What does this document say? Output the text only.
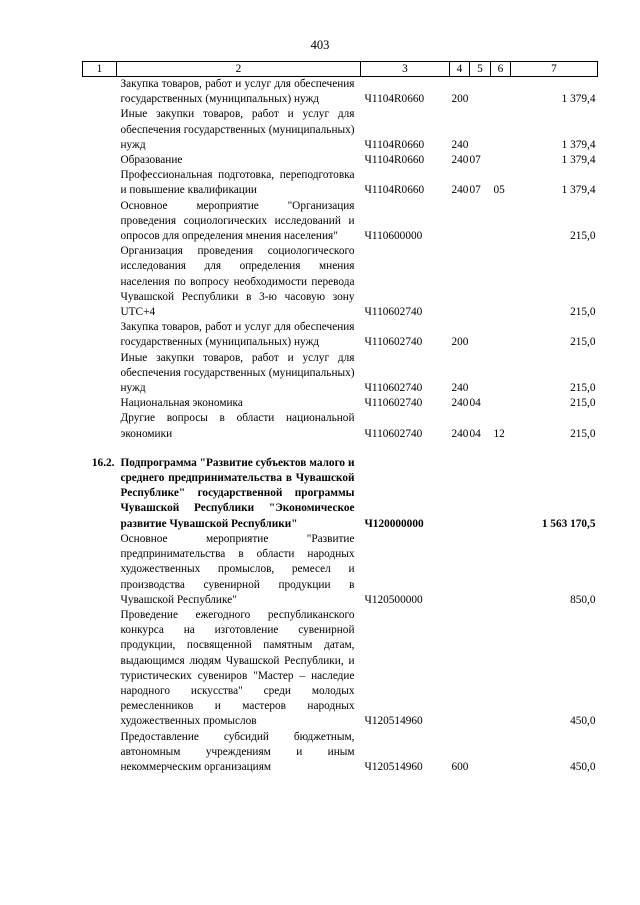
403
1	2	3	4	5	6	7
	Закупка товаров, работ и услуг для обеспечения государственных (муниципальных) нужд	Ч1104R0660	200			1 379,4
	Иные закупки товаров, работ и услуг для обеспечения государственных (муниципальных) нужд	Ч1104R0660	240			1 379,4
	Образование	Ч1104R0660	240	07		1 379,4
	Профессиональная подготовка, переподготовка и повышение квалификации	Ч1104R0660	240	07	05	1 379,4
	Основное мероприятие "Организация проведения социологических исследований и опросов для определения мнения населения"	Ч110600000				215,0
	Организация проведения социологического исследования для определения мнения населения по вопросу необходимости перевода Чувашской Республики в 3-ю часовую зону UTC+4	Ч110602740				215,0
	Закупка товаров, работ и услуг для обеспечения государственных (муниципальных) нужд	Ч110602740	200			215,0
	Иные закупки товаров, работ и услуг для обеспечения государственных (муниципальных) нужд	Ч110602740	240			215,0
	Национальная экономика	Ч110602740	240	04		215,0
	Другие вопросы в области национальной экономики	Ч110602740	240	04	12	215,0

16.2.	Подпрограмма "Развитие субъектов малого и среднего предпринимательства в Чувашской Республике" государственной программы Чувашской Республики "Экономическое развитие Чувашской Республики"	Ч120000000				1 563 170,5
	Основное мероприятие "Развитие предпринимательства в области народных художественных промыслов, ремесел и производства сувенирной продукции в Чувашской Республике"	Ч120500000				850,0
	Проведение ежегодного республиканского конкурса на изготовление сувенирной продукции, посвященной памятным датам, выдающимся людям Чувашской Республики, и туристических сувениров "Мастер – наследие народного искусства" среди молодых ремесленников и мастеров народных художественных промыслов	Ч120514960				450,0
	Предоставление субсидий бюджетным, автономным учреждениям и иным некоммерческим организациям	Ч120514960	600			450,0
